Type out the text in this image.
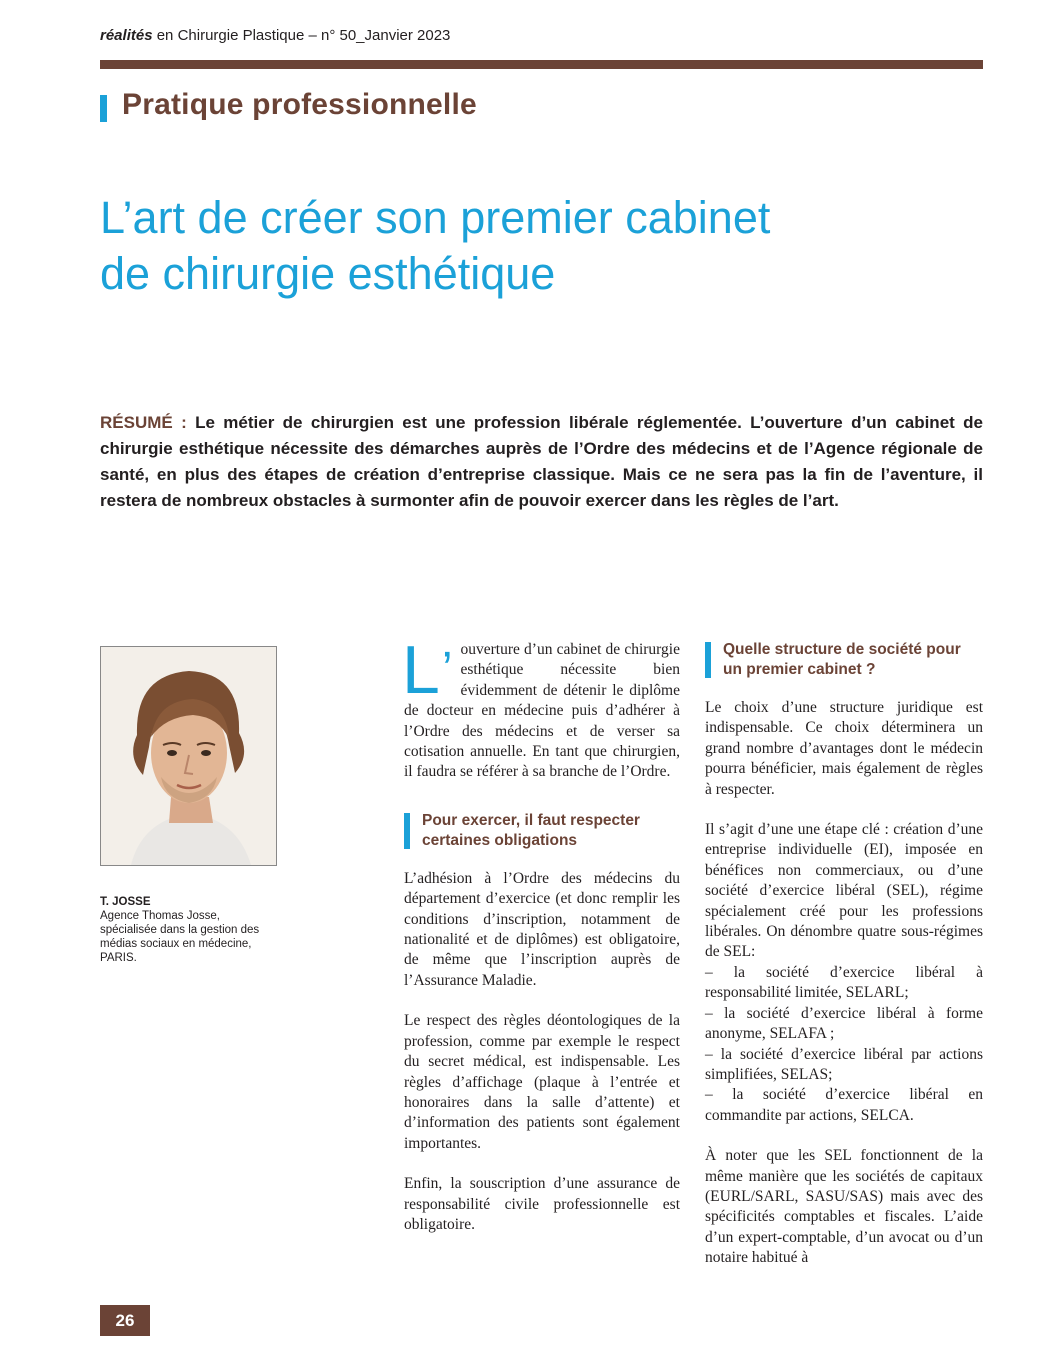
réalités en Chirurgie Plastique – n° 50_Janvier 2023
Pratique professionnelle
L’art de créer son premier cabinet
de chirurgie esthétique
RÉSUMÉ : Le métier de chirurgien est une profession libérale réglementée. L’ouverture d’un cabinet de chirurgie esthétique nécessite des démarches auprès de l’Ordre des médecins et de l’Agence régionale de santé, en plus des étapes de création d’entreprise classique. Mais ce ne sera pas la fin de l’aventure, il restera de nombreux obstacles à surmonter afin de pouvoir exercer dans les règles de l’art.
T. JOSSE
Agence Thomas Josse,
spécialisée dans la gestion des médias sociaux en médecine, PARIS.

L’ ouverture d’un cabinet de chirurgie esthétique nécessite bien évidemment de détenir le diplôme de docteur en médecine puis d’adhérer à l’Ordre des médecins et de verser sa cotisation annuelle. En tant que chirurgien, il faudra se référer à sa branche de l’Ordre.

Pour exercer, il faut respecter certaines obligations

L’adhésion à l’Ordre des médecins du département d’exercice (et donc remplir les conditions d’inscription, notamment de nationalité et de diplômes) est obligatoire, de même que l’inscription auprès de l’Assurance Maladie.

Le respect des règles déontologiques de la profession, comme par exemple le respect du secret médical, est indispensable. Les règles d’affichage (plaque à l’entrée et honoraires dans la salle d’attente) et d’information des patients sont également importantes.

Enfin, la souscription d’une assurance de responsabilité civile professionnelle est obligatoire.

Quelle structure de société pour un premier cabinet ?

Le choix d’une structure juridique est indispensable. Ce choix déterminera un grand nombre d’avantages dont le médecin pourra bénéficier, mais également de règles à respecter.

Il s’agit d’une une étape clé : création d’une entreprise individuelle (EI), imposée en bénéfices non commerciaux, ou d’une société d’exercice libéral (SEL), régime spécialement créé pour les professions libérales. On dénombre quatre sous-régimes de SEL:
– la société d’exercice libéral à responsabilité limitée, SELARL;
– la société d’exercice libéral à forme anonyme, SELAFA ;
– la société d’exercice libéral par actions simplifiées, SELAS;
– la société d’exercice libéral en commandite par actions, SELCA.

À noter que les SEL fonctionnent de la même manière que les sociétés de capitaux (EURL/SARL, SASU/SAS) mais avec des spécificités comptables et fiscales. L’aide d’un expert-comptable, d’un avocat ou d’un notaire habitué à

26
